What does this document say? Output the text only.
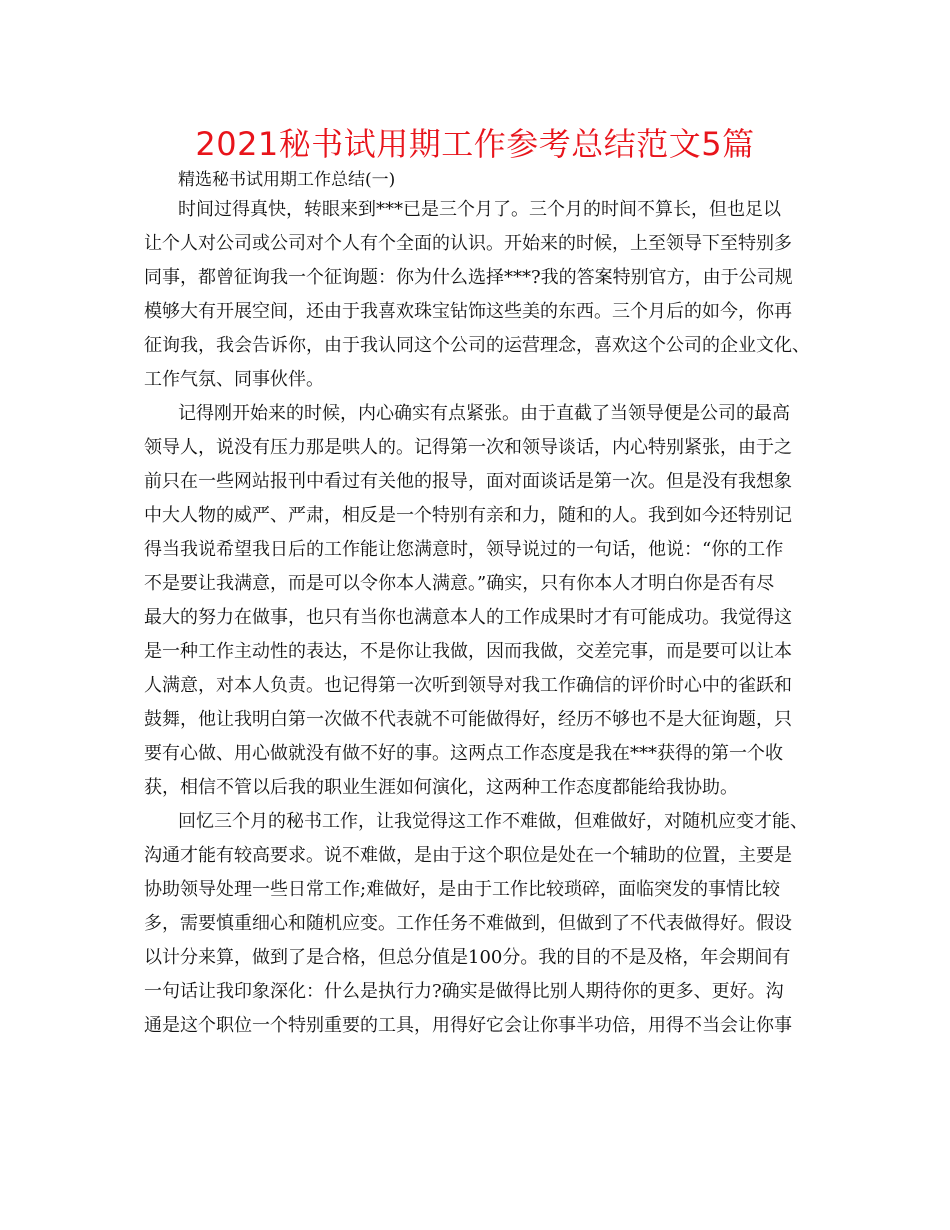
2021秘书试用期工作参考总结范文5篇
精选秘书试用期工作总结(一)
时间过得真快，转眼来到***已是三个月了。三个月的时间不算长，但也足以
让个人对公司或公司对个人有个全面的认识。开始来的时候，上至领导下至特别多
同事，都曾征询我一个征询题：你为什么选择***?我的答案特别官方，由于公司规
模够大有开展空间，还由于我喜欢珠宝钻饰这些美的东西。三个月后的如今，你再
征询我，我会告诉你，由于我认同这个公司的运营理念，喜欢这个公司的企业文化、
工作气氛、同事伙伴。
记得刚开始来的时候，内心确实有点紧张。由于直截了当领导便是公司的最高
领导人，说没有压力那是哄人的。记得第一次和领导谈话，内心特别紧张，由于之
前只在一些网站报刊中看过有关他的报导，面对面谈话是第一次。但是没有我想象
中大人物的威严、严肃，相反是一个特别有亲和力，随和的人。我到如今还特别记
得当我说希望我日后的工作能让您满意时，领导说过的一句话，他说：“你的工作
不是要让我满意，而是可以令你本人满意。”确实，只有你本人才明白你是否有尽
最大的努力在做事，也只有当你也满意本人的工作成果时才有可能成功。我觉得这
是一种工作主动性的表达，不是你让我做，因而我做，交差完事，而是要可以让本
人满意，对本人负责。也记得第一次听到领导对我工作确信的评价时心中的雀跃和
鼓舞，他让我明白第一次做不代表就不可能做得好，经历不够也不是大征询题，只
要有心做、用心做就没有做不好的事。这两点工作态度是我在***获得的第一个收
获，相信不管以后我的职业生涯如何演化，这两种工作态度都能给我协助。
回忆三个月的秘书工作，让我觉得这工作不难做，但难做好，对随机应变才能、
沟通才能有较高要求。说不难做，是由于这个职位是处在一个辅助的位置，主要是
协助领导处理一些日常工作;难做好，是由于工作比较琐碎，面临突发的事情比较
多，需要慎重细心和随机应变。工作任务不难做到，但做到了不代表做得好。假设
以计分来算，做到了是合格，但总分值是100分。我的目的不是及格，年会期间有
一句话让我印象深化：什么是执行力?确实是做得比别人期待你的更多、更好。沟
通是这个职位一个特别重要的工具，用得好它会让你事半功倍，用得不当会让你事
